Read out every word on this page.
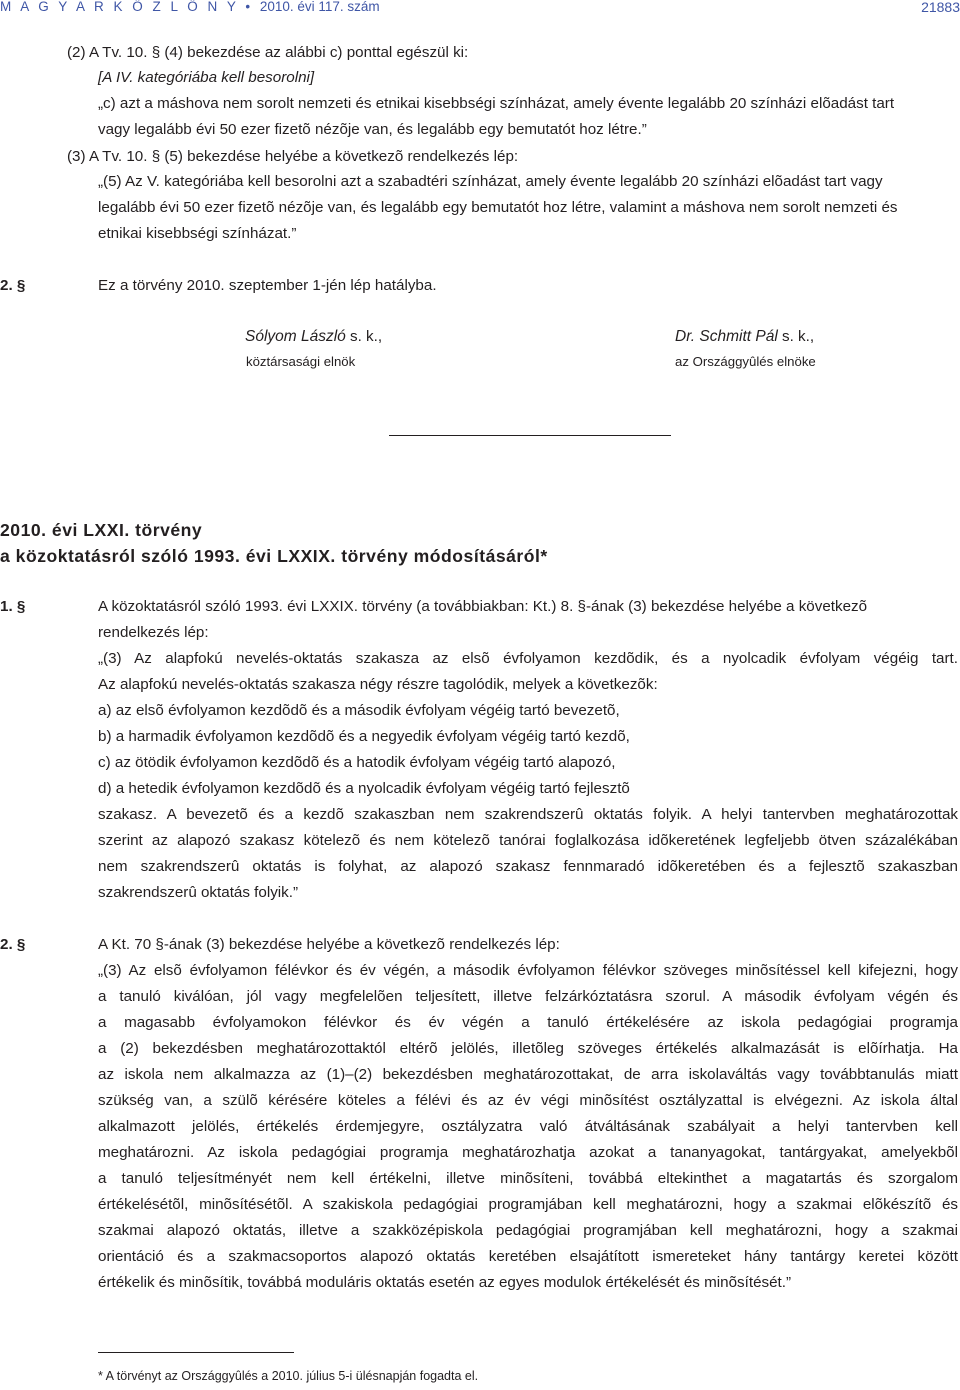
M A G Y A R K Ö Z L Ö N Y • 2010. évi 117. szám	21883
(2) A Tv. 10. § (4) bekezdése az alábbi c) ponttal egészül ki:
[A IV. kategóriába kell besorolni]
„c) azt a máshova nem sorolt nemzeti és etnikai kisebbségi színházat, amely évente legalább 20 színházi elõadást tart
vagy legalább évi 50 ezer fizetõ nézõje van, és legalább egy bemutatót hoz létre.”
(3) A Tv. 10. § (5) bekezdése helyébe a következõ rendelkezés lép:
„(5) Az V. kategóriába kell besorolni azt a szabadtéri színházat, amely évente legalább 20 színházi elõadást tart vagy
legalább évi 50 ezer fizetõ nézõje van, és legalább egy bemutatót hoz létre, valamint a máshova nem sorolt nemzeti és
etnikai kisebbségi színházat.”
2. §	Ez a törvény 2010. szeptember 1-jén lép hatályba.
Sólyom László s. k.,
köztársasági elnök
Dr. Schmitt Pál s. k.,
az Országgyûlés elnöke
2010. évi LXXI. törvény
a közoktatásról szóló 1993. évi LXXIX. törvény módosításáról*
1. §	A közoktatásról szóló 1993. évi LXXIX. törvény (a továbbiakban: Kt.) 8. §-ának (3) bekezdése helyébe a következõ
rendelkezés lép:
„(3) Az alapfokú nevelés-oktatás szakasza az elsõ évfolyamon kezdõdik, és a nyolcadik évfolyam végéig tart.
Az alapfokú nevelés-oktatás szakasza négy részre tagolódik, melyek a következõk:
a) az elsõ évfolyamon kezdõdõ és a második évfolyam végéig tartó bevezetõ,
b) a harmadik évfolyamon kezdõdõ és a negyedik évfolyam végéig tartó kezdõ,
c) az ötödik évfolyamon kezdõdõ és a hatodik évfolyam végéig tartó alapozó,
d) a hetedik évfolyamon kezdõdõ és a nyolcadik évfolyam végéig tartó fejlesztõ
szakasz. A bevezetõ és a kezdõ szakaszban nem szakrendszerû oktatás folyik. A helyi tantervben meghatározottak
szerint az alapozó szakasz kötelezõ és nem kötelezõ tanórai foglalkozása idõkeretének legfeljebb ötven százalékában
nem szakrendszerû oktatás is folyhat, az alapozó szakasz fennmaradó idõkeretében és a fejlesztõ szakaszban
szakrendszerû oktatás folyik.”
2. §	A Kt. 70 §-ának (3) bekezdése helyébe a következõ rendelkezés lép:
„(3) Az elsõ évfolyamon félévkor és év végén, a második évfolyamon félévkor szöveges minõsítéssel kell kifejezni, hogy
a tanuló kiválóan, jól vagy megfelelõen teljesített, illetve felzárkóztatásra szorul. A második évfolyam végén és
a magasabb évfolyamokon félévkor és év végén a tanuló értékelésére az iskola pedagógiai programja
a (2) bekezdésben meghatározottaktól eltérõ jelölés, illetõleg szöveges értékelés alkalmazását is elõírhatja. Ha
az iskola nem alkalmazza az (1)–(2) bekezdésben meghatározottakat, de arra iskolaváltás vagy továbbtanulás miatt
szükség van, a szülõ kérésére köteles a félévi és az év végi minõsítést osztályzattal is elvégezni. Az iskola által
alkalmazott jelölés, értékelés érdemjegyre, osztályzatra való átváltásának szabályait a helyi tantervben kell
meghatározni. Az iskola pedagógiai programja meghatározhatja azokat a tananyagokat, tantárgyakat, amelyekbõl
a tanuló teljesítményét nem kell értékelni, illetve minõsíteni, továbbá eltekinthet a magatartás és szorgalom
értékelésétõl, minõsítésétõl. A szakiskola pedagógiai programjában kell meghatározni, hogy a szakmai elõkészítõ és
szakmai alapozó oktatás, illetve a szakközépiskola pedagógiai programjában kell meghatározni, hogy a szakmai
orientáció és a szakmacsoportos alapozó oktatás keretében elsajátított ismereteket hány tantárgy keretei között
értékelik és minõsítik, továbbá moduláris oktatás esetén az egyes modulok értékelését és minõsítését.”
* A törvényt az Országgyûlés a 2010. július 5-i ülésnapján fogadta el.
